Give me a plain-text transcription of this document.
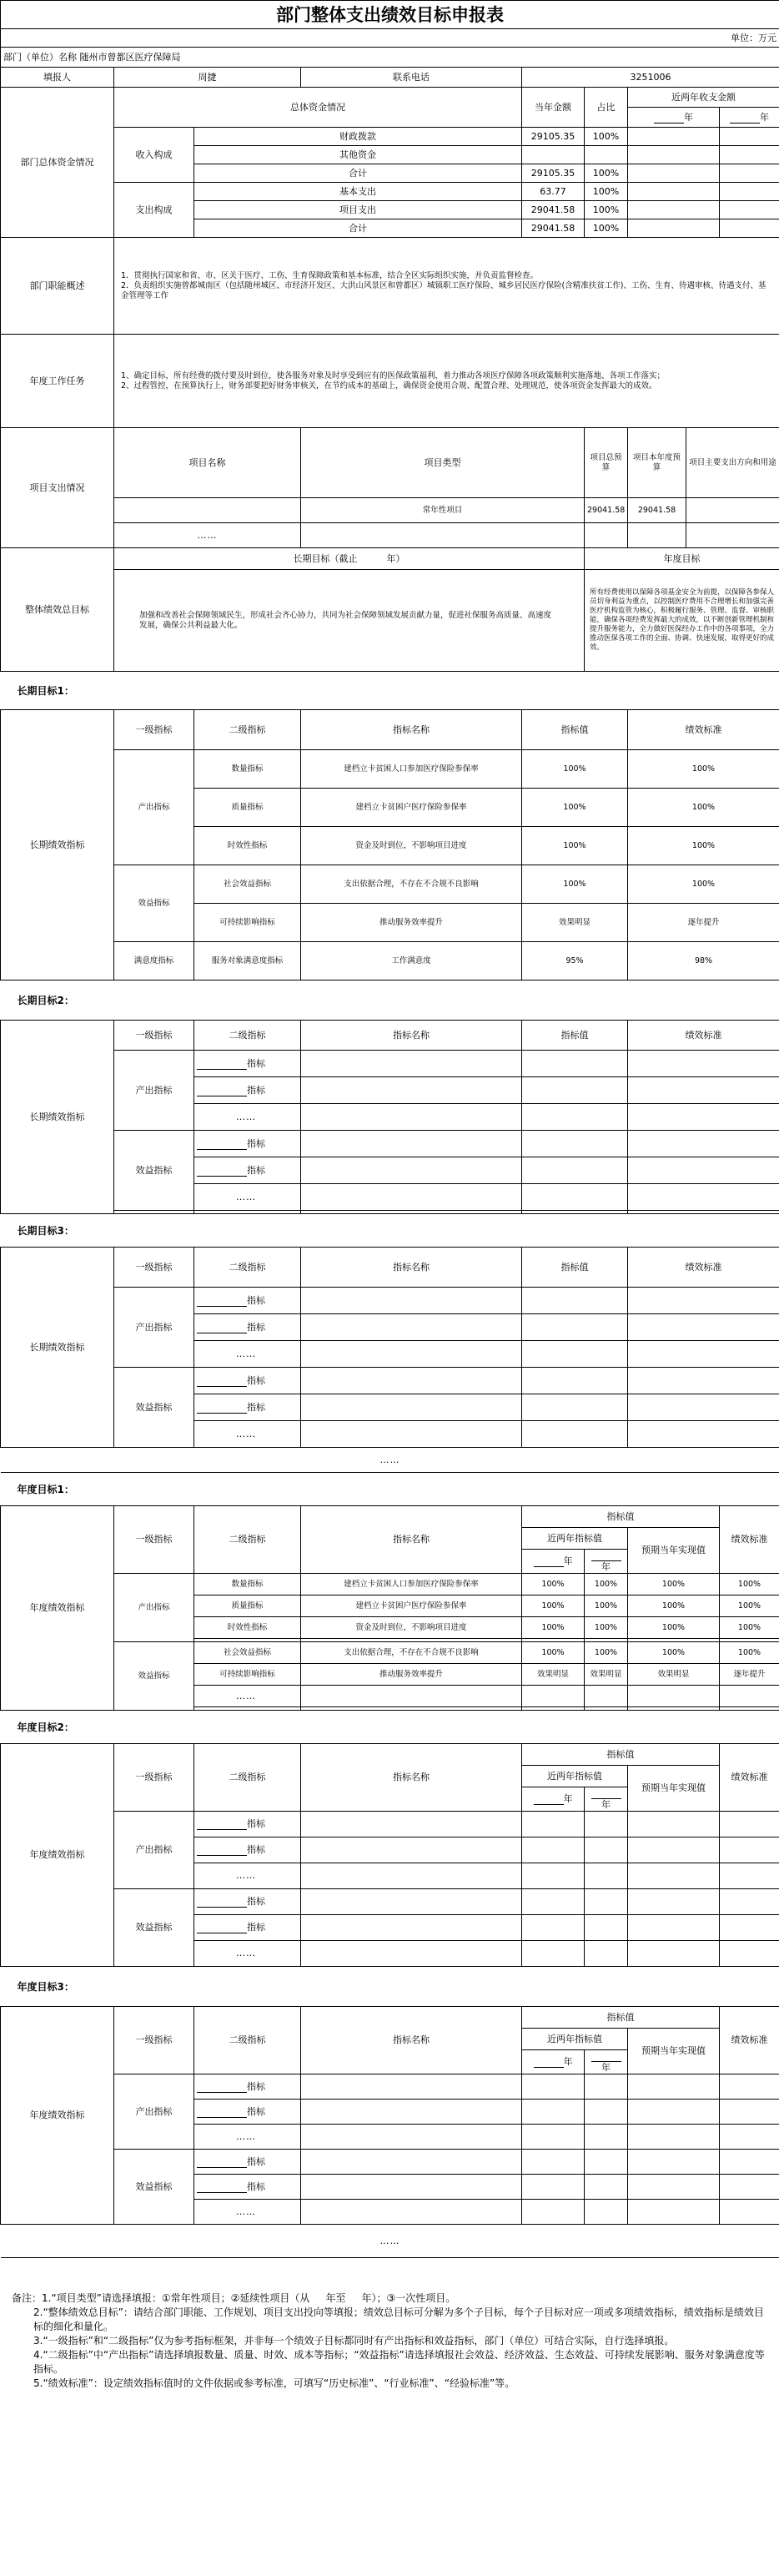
部门整体支出绩效目标申报表								
单位：万元								
部门（单位）名称 随州市曾都区医疗保障局								
填报人	周捷		联系电话	3251006				
部门总体资金情况	总体资金情况			当年金额	占比	近两年收支金额		
						年		年
	收入构成	财政拨款		29105.35	100%			
		其他资金						
		合计		29105.35	100%			
	支出构成	基本支出		63.77	100%			
		项目支出		29041.58	100%			
		合计		29041.58	100%			
部门职能概述	1．贯彻执行国家和省、市、区关于医疗、工伤、生育保障政策和基本标准，结合全区实际组织实施，并负责监督检查。
2．负责组织实施曾都城南区（包括随州城区、市经济开发区、大洪山风景区和曾都区）城镇职工医疗保险、城乡居民医疗保险(含精准扶贫工作)、工伤、生育、待遇审核、待遇支付、基金管理等工作							

年度工作任务	1、确定目标，所有经费的拨付要及时到位，使各服务对象及时享受到应有的医保政策福利，着力推动各项医疗保障各项政策顺利实施落地、各项工作落实；                                        2、过程管控，在预算执行上，财务部要把好财务审核关，在节约成本的基础上，确保资金使用合规、配置合理、处理规范，使各项资金发挥最大的成效。							
项目支出情况	项目名称		项目类型		项目总预算	项目本年度预算	项目主要支出方向和用途	
			常年性项目		29041.58	29041.58		
	……							
整体绩效总目标	长期目标（截止          年）				年度目标			
	加强和改善社会保障领域民生，形成社会齐心协力，共同为社会保障领域发展贡献力量，促进社保服务高质量、高速度发展，确保公共利益最大化。				所有经费使用以保障各项基金安全为前提，以保障各参保人员切身利益为重点，以控制医疗费用不合理增长和加强完善医疗机构监管为核心，积极履行服务、管理、监督、审核职能，确保各项经费发挥最大的成效，以不断创新管理机制和提升服务能力，全力做好医保经办工作中的各项事项，全力推动医保各项工作的全面、协调、快速发展，取得更好的成效。			
长期目标1：								
长期绩效指标	一级指标	二级指标	指标名称	指标值		绩效标准		
	产出指标	数量指标	建档立卡贫困人口参加医疗保险参保率	100%		100%		
		质量指标	建档立卡贫困户医疗保险参保率	100%		100%		
		时效性指标	资金及时到位，不影响项目进度	100%		100%		
	效益指标	社会效益指标	支出依据合理，不存在不合规不良影响	100%		100%		
		可持续影响指标	推动服务效率提升	效果明显		逐年提升		
	满意度指标	服务对象满意度指标	工作满意度	95%		98%		
长期目标2：								
长期绩效指标	一级指标	二级指标	指标名称	指标值		绩效标准		
	产出指标	指标						
		指标						
		……						
	效益指标	指标						
		指标						
		……						

长期目标3：								
长期绩效指标	一级指标	二级指标	指标名称	指标值		绩效标准		
	产出指标	指标						
		指标						
		……						
	效益指标	指标						
		指标						
		……						
……								
年度目标1：								
年度绩效指标	一级指标	二级指标	指标名称	指标值				绩效标准
				近两年指标值		预期当年实现值		
				年	年			
	产出指标	数量指标	建档立卡贫困人口参加医疗保险参保率	100%	100%	100%		100%
		质量指标	建档立卡贫困户医疗保险参保率	100%	100%	100%		100%
		时效性指标	资金及时到位，不影响项目进度	100%	100%	100%		100%

	效益指标	社会效益指标	支出依据合理，不存在不合规不良影响	100%	100%	100%		100%
		可持续影响指标	推动服务效率提升	效果明显	效果明显	效果明显		逐年提升
		……						

年度目标2：								
年度绩效指标	一级指标	二级指标	指标名称	指标值				绩效标准
				近两年指标值		预期当年实现值		
				年	年			
	产出指标	指标						
		指标						
		……						
	效益指标	指标						
		指标						
		……						
年度目标3：								
年度绩效指标	一级指标	二级指标	指标名称	指标值				绩效标准
				近两年指标值		预期当年实现值		
				年	年			
	产出指标	指标						
		指标						
		……						
	效益指标	指标						
		指标						
		……						
……								
备注：1.“项目类型”请选择填报：①常年性项目；②延续性项目（从     年至     年）；③一次性项目。
2.“整体绩效总目标”：请结合部门职能、工作规划、项目支出投向等填报；绩效总目标可分解为多个子目标，每个子目标对应一项或多项绩效指标，绩效指标是绩效目标的细化和量化。
3.“一级指标”和“二级指标”仅为参考指标框架，并非每一个绩效子目标都同时有产出指标和效益指标，部门（单位）可结合实际，自行选择填报。
4.“二级指标”中“产出指标”请选择填报数量、质量、时效、成本等指标；“效益指标”请选择填报社会效益、经济效益、生态效益、可持续发展影响、服务对象满意度等指标。
5.“绩效标准”：设定绩效指标值时的文件依据或参考标准，可填写“历史标准”、“行业标准”、“经验标准”等。
